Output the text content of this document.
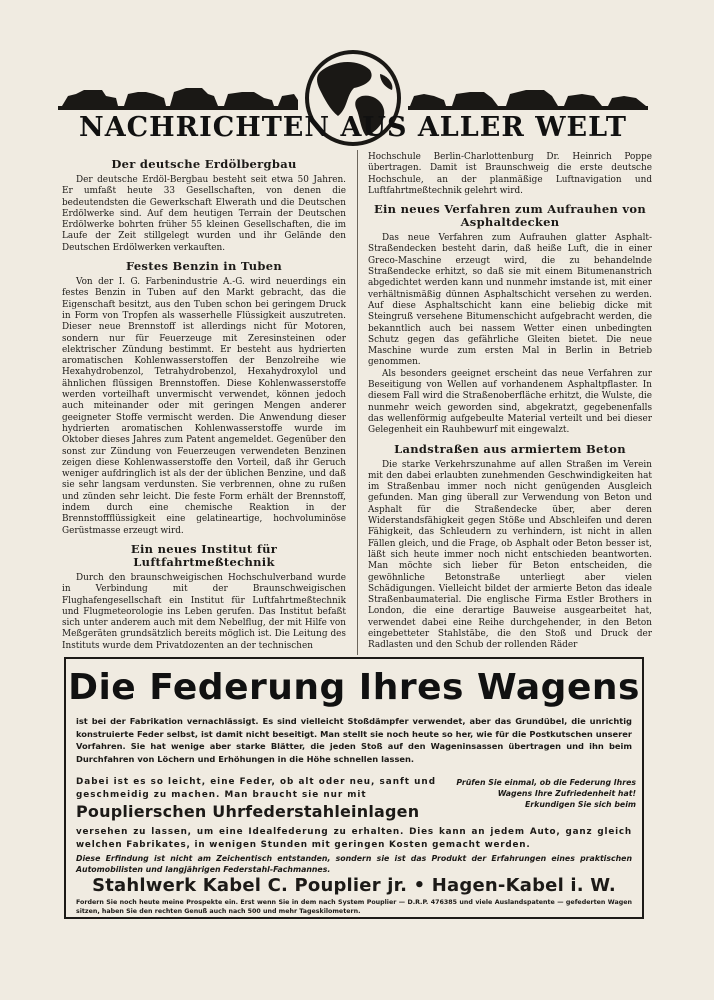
NACHRICHTEN AUS ALLER WELT
Der deutsche Erdölbergbau

Der deutsche Erdöl-Bergbau besteht seit etwa 50 Jahren. Er umfaßt heute 33 Gesellschaften, von denen die bedeutendsten die Gewerkschaft Elwerath und die Deutschen Erdölwerke sind. Auf dem heutigen Terrain der Deutschen Erdölwerke bohrten früher 55 kleinen Gesellschaften, die im Laufe der Zeit stillgelegt wurden und ihr Gelände den Deutschen Erdölwerken verkauften.

Festes Benzin in Tuben

Von der I. G. Farbenindustrie A.-G. wird neuerdings ein festes Benzin in Tuben auf den Markt gebracht, das die Eigenschaft besitzt, aus den Tuben schon bei geringem Druck in Form von Tropfen als wasserhelle Flüssigkeit auszutreten. Dieser neue Brennstoff ist allerdings nicht für Motoren, sondern nur für Feuerzeuge mit Zeresinsteinen oder elektrischer Zündung bestimmt. Er besteht aus hydrierten aromatischen Kohlenwasserstoffen der Benzolreihe wie Hexahydrobenzol, Tetrahydrobenzol, Hexahydroxylol und ähnlichen flüssigen Brennstoffen. Diese Kohlenwasserstoffe werden vorteilhaft unvermischt verwendet, können jedoch auch miteinander oder mit geringen Mengen anderer geeigneter Stoffe vermischt werden. Die Anwendung dieser hydrierten aromatischen Kohlenwasserstoffe wurde im Oktober dieses Jahres zum Patent angemeldet. Gegenüber den sonst zur Zündung von Feuerzeugen verwendeten Benzinen zeigen diese Kohlenwasserstoffe den Vorteil, daß ihr Geruch weniger aufdringlich ist als der der üblichen Benzine, und daß sie sehr langsam verdunsten. Sie verbrennen, ohne zu rußen und zünden sehr leicht. Die feste Form erhält der Brennstoff, indem durch eine chemische Reaktion in der Brennstoffflüssigkeit eine gelatineartige, hochvoluminöse Gerüstmasse erzeugt wird.

Ein neues Institut für Luftfahrtmeßtechnik

Durch den braunschweigischen Hochschulverband wurde in Verbindung mit der Braunschweigischen Flughafengesellschaft ein Institut für Luftfahrtmeßtechnik und Flugmeteorologie ins Leben gerufen. Das Institut befaßt sich unter anderem auch mit dem Nebelflug, der mit Hilfe von Meßgeräten grundsätzlich bereits möglich ist. Die Leitung des Instituts wurde dem Privatdozenten an der technischen

Hochschule Berlin-Charlottenburg Dr. Heinrich Poppe übertragen. Damit ist Braunschweig die erste deutsche Hochschule, an der planmäßige Luftnavigation und Luftfahrtmeßtechnik gelehrt wird.

Ein neues Verfahren zum Aufrauhen von Asphaltdecken

Das neue Verfahren zum Aufrauhen glatter Asphalt-Straßendecken besteht darin, daß heiße Luft, die in einer Greco-Maschine erzeugt wird, die zu behandelnde Straßendecke erhitzt, so daß sie mit einem Bitumenanstrich abgedichtet werden kann und nunmehr imstande ist, mit einer verhältnismäßig dünnen Asphaltschicht versehen zu werden. Auf diese Asphaltschicht kann eine beliebig dicke mit Steingruß versehene Bitumenschicht aufgebracht werden, die bekanntlich auch bei nassem Wetter einen unbedingten Schutz gegen das gefährliche Gleiten bietet. Die neue Maschine wurde zum ersten Mal in Berlin in Betrieb genommen.

Als besonders geeignet erscheint das neue Verfahren zur Beseitigung von Wellen auf vorhandenem Asphaltpflaster. In diesem Fall wird die Straßenoberfläche erhitzt, die Wulste, die nunmehr weich geworden sind, abgekratzt, gegebenenfalls das wellenförmig aufgebeulte Material verteilt und bei dieser Gelegenheit ein Rauhbewurf mit eingewalzt.

Landstraßen aus armiertem Beton

Die starke Verkehrszunahme auf allen Straßen im Verein mit den dabei erlaubten zunehmenden Geschwindigkeiten hat im Straßenbau immer noch nicht genügenden Ausgleich gefunden. Man ging überall zur Verwendung von Beton und Asphalt für die Straßendecke über, aber deren Widerstandsfähigkeit gegen Stöße und Abschleifen und deren Fähigkeit, das Schleudern zu verhindern, ist nicht in allen Fällen gleich, und die Frage, ob Asphalt oder Beton besser ist, läßt sich heute immer noch nicht entschieden beantworten. Man möchte sich lieber für Beton entscheiden, die gewöhnliche Betonstraße unterliegt aber vielen Schädigungen. Vielleicht bildet der armierte Beton das ideale Straßenbaumaterial. Die englische Firma Estler Brothers in London, die eine derartige Bauweise ausgearbeitet hat, verwendet dabei eine Reihe durchgehender, in den Beton eingebetteter Stahlstäbe, die den Stoß und Druck der Radlasten und den Schub der rollenden Räder

Die Federung Ihres Wagens
ist bei der Fabrikation vernachlässigt. Es sind vielleicht Stoßdämpfer verwendet, aber das Grundübel, die unrichtig konstruierte Feder selbst, ist damit nicht beseitigt. Man stellt sie noch heute so her, wie für die Postkutschen unserer Vorfahren. Sie hat wenige aber starke Blätter, die jeden Stoß auf den Wageninsassen übertragen und ihn beim Durchfahren von Löchern und Erhöhungen in die Höhe schnellen lassen.
Dabei ist es so leicht, eine Feder, ob alt oder neu, sanft und geschmeidig zu machen. Man braucht sie nur mit
Prüfen Sie einmal, ob die Federung Ihres Wagens Ihre Zufriedenheit hat! Erkundigen Sie sich beim
Pouplierschen Uhrfederstahleinlagen
versehen zu lassen, um eine Idealfederung zu erhalten. Dies kann an jedem Auto, ganz gleich welchen Fabrikates, in wenigen Stunden mit geringen Kosten gemacht werden.
Diese Erfindung ist nicht am Zeichentisch entstanden, sondern sie ist das Produkt der Erfahrungen eines praktischen Automobilisten und langjährigen Federstahl-Fachmannes.
Stahlwerk Kabel C. Pouplier jr. • Hagen-Kabel i. W.
Fordern Sie noch heute meine Prospekte ein. Erst wenn Sie in dem nach System Pouplier — D.R.P. 476385 und viele Auslandspatente — gefederten Wagen sitzen, haben Sie den rechten Genuß auch nach 500 und mehr Tageskilometern.
